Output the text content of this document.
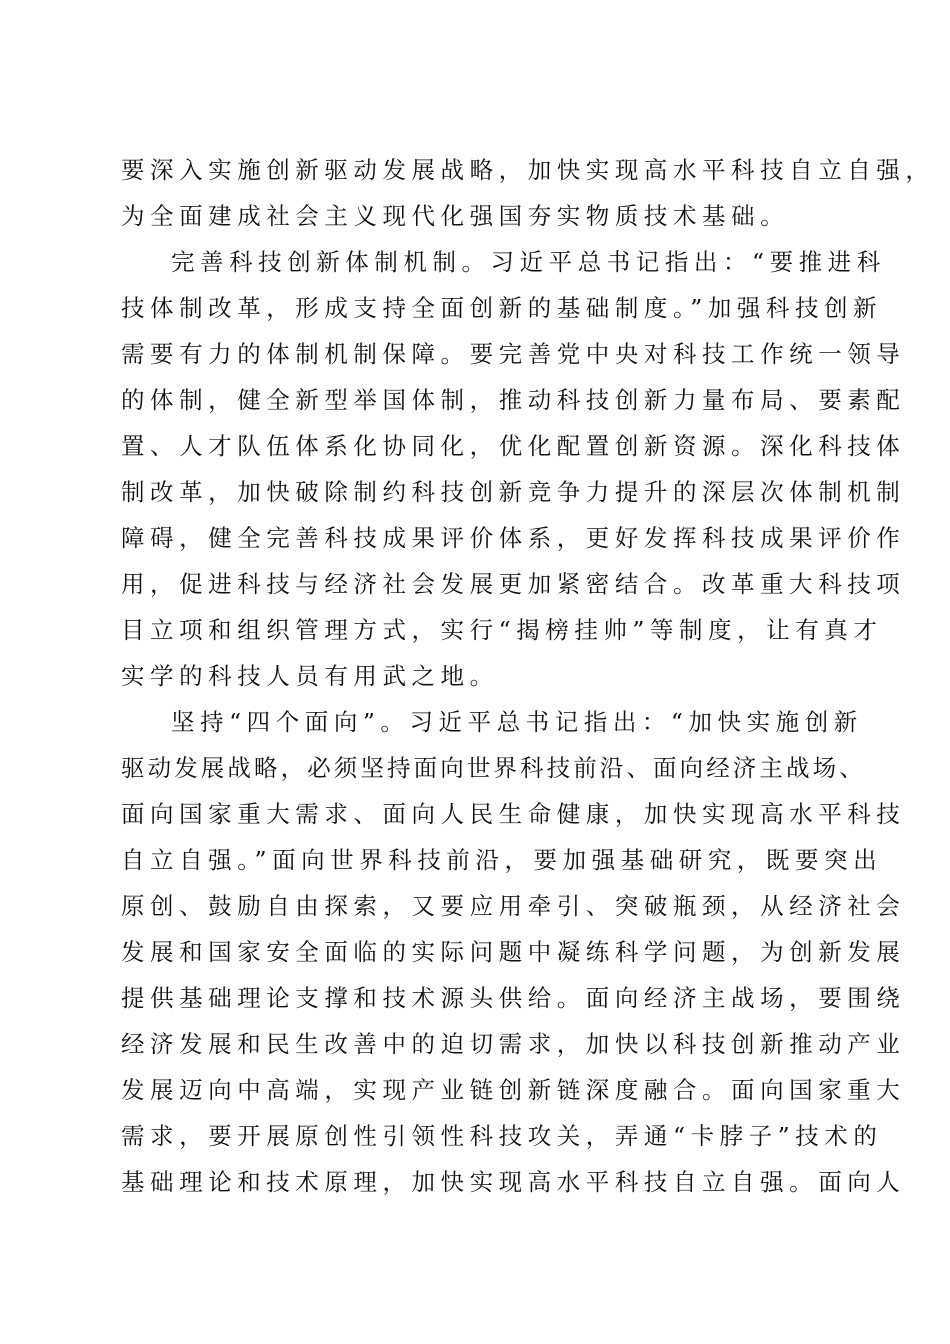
要深入实施创新驱动发展战略，加快实现高水平科技自立自强，
为全面建成社会主义现代化强国夯实物质技术基础。
完善科技创新体制机制。习近平总书记指出：“要推进科
技体制改革，形成支持全面创新的基础制度。”加强科技创新
需要有力的体制机制保障。要完善党中央对科技工作统一领导
的体制，健全新型举国体制，推动科技创新力量布局、要素配
置、人才队伍体系化协同化，优化配置创新资源。深化科技体
制改革，加快破除制约科技创新竞争力提升的深层次体制机制
障碍，健全完善科技成果评价体系，更好发挥科技成果评价作
用，促进科技与经济社会发展更加紧密结合。改革重大科技项
目立项和组织管理方式，实行“揭榜挂帅”等制度，让有真才
实学的科技人员有用武之地。
坚持“四个面向”。习近平总书记指出：“加快实施创新
驱动发展战略，必须坚持面向世界科技前沿、面向经济主战场、
面向国家重大需求、面向人民生命健康，加快实现高水平科技
自立自强。”面向世界科技前沿，要加强基础研究，既要突出
原创、鼓励自由探索，又要应用牵引、突破瓶颈，从经济社会
发展和国家安全面临的实际问题中凝练科学问题，为创新发展
提供基础理论支撑和技术源头供给。面向经济主战场，要围绕
经济发展和民生改善中的迫切需求，加快以科技创新推动产业
发展迈向中高端，实现产业链创新链深度融合。面向国家重大
需求，要开展原创性引领性科技攻关，弄通“卡脖子”技术的
基础理论和技术原理，加快实现高水平科技自立自强。面向人
